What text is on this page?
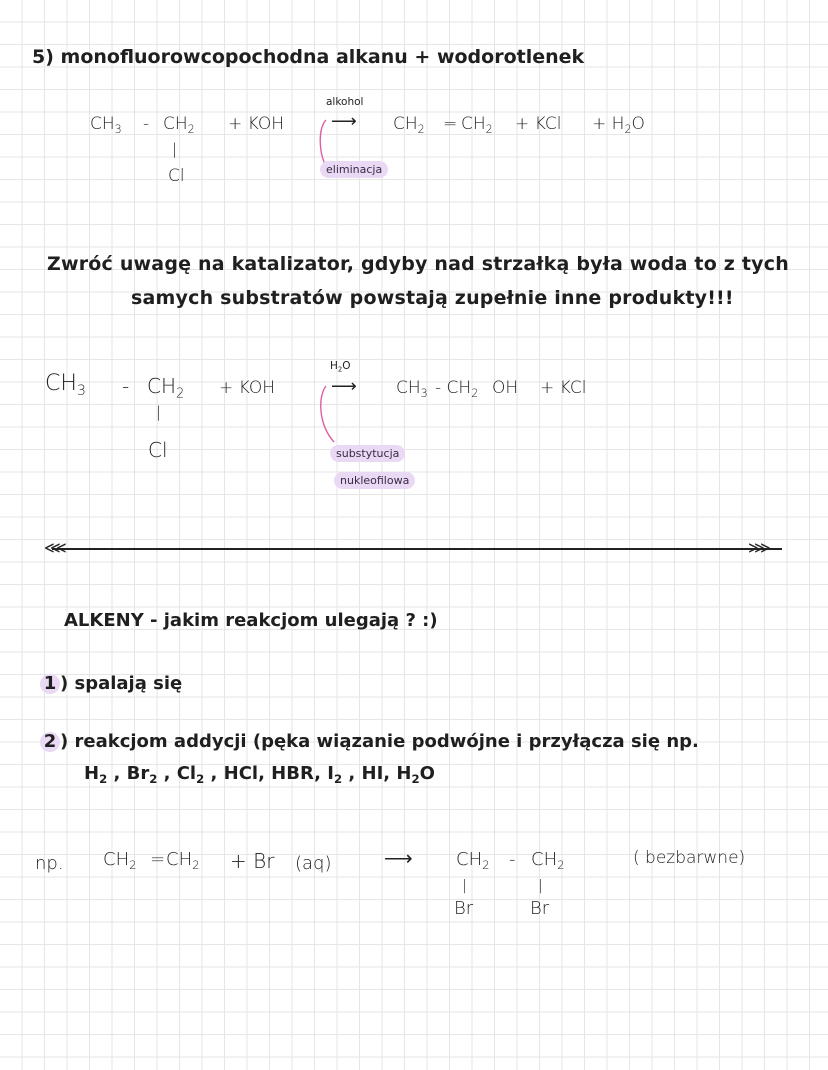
5) monofluorowcopochodna alkanu + wodorotlenek
$CH_3 - CH_2$
|
Cl
+ KOH
alkohol
⟶ $CH_2 = CH_2$ + KCl + $H_2O$
eliminacja
Zwróć uwagę na katalizator, gdyby nad strzałką była woda to z tych
samych substratów powstają zupełnie inne produkty!!!
$CH_3 - CH_2$
|
Cl
+ KOH
$H_2O$
⟶ $CH_3 - CH_2$ OH + KCl
substytucja
nukleofilowa
⋘	⋙
ALKENY - jakim reakcjom ulegają ? :)
1 ) spalają się
2 ) reakcjom addycji (pęka wiązanie podwójne i przyłącza się np.
$H_2$ , $Br_2$ , $Cl_2$ , HCl, HBR, $I_2$ , HI, $H_2O$
np. $CH_2 = CH_2 + Br$ (aq)	⟶ $CH_2 - CH_2$
|	|
Br	Br
( bezbarwne)
